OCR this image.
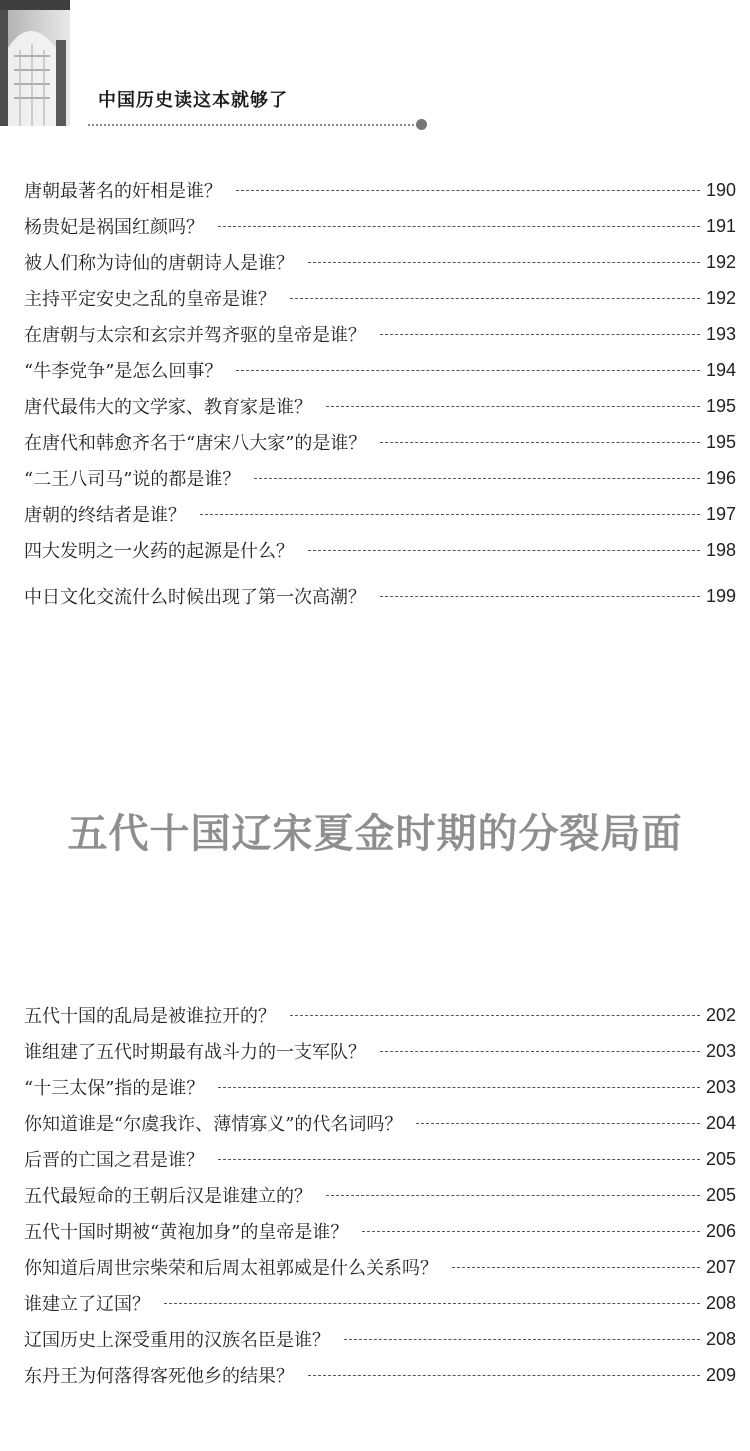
中国历史读这本就够了
唐朝最著名的奸相是谁？	190
杨贵妃是祸国红颜吗？	191
被人们称为诗仙的唐朝诗人是谁？	192
主持平定安史之乱的皇帝是谁？	192
在唐朝与太宗和玄宗并驾齐驱的皇帝是谁？	193
“牛李党争”是怎么回事？	194
唐代最伟大的文学家、教育家是谁？	195
在唐代和韩愈齐名于“唐宋八大家”的是谁？	195
“二王八司马”说的都是谁？	196
唐朝的终结者是谁？	197
四大发明之一火药的起源是什么？	198
中日文化交流什么时候出现了第一次高潮？	199
五代十国辽宋夏金时期的分裂局面
五代十国的乱局是被谁拉开的？	202
谁组建了五代时期最有战斗力的一支军队？	203
“十三太保”指的是谁？	203
你知道谁是“尔虞我诈、薄情寡义”的代名词吗？	204
后晋的亡国之君是谁？	205
五代最短命的王朝后汉是谁建立的？	205
五代十国时期被“黄袍加身”的皇帝是谁？	206
你知道后周世宗柴荣和后周太祖郭威是什么关系吗？	207
谁建立了辽国？	208
辽国历史上深受重用的汉族名臣是谁？	208
东丹王为何落得客死他乡的结果？	209
